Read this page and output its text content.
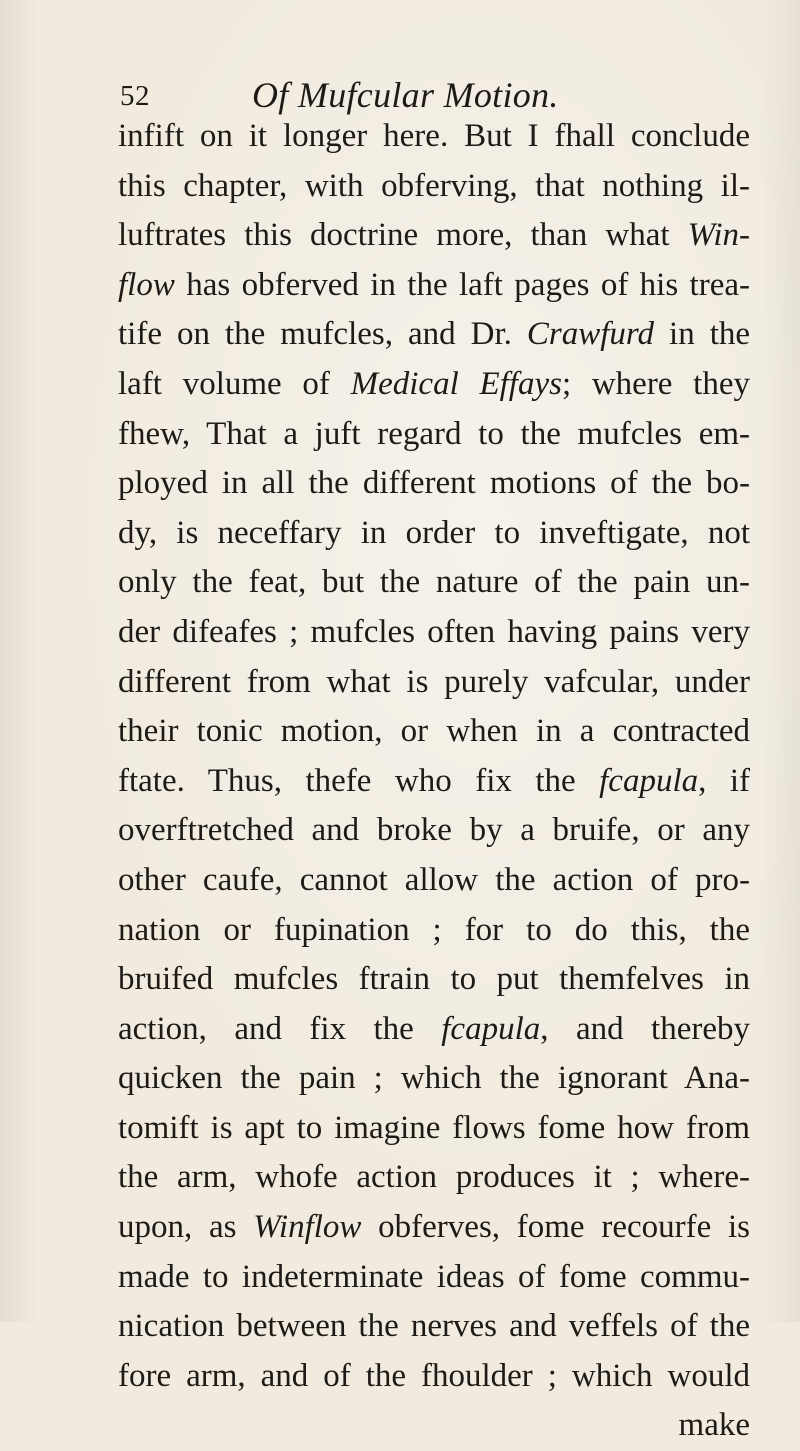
52	Of Mufcular Motion.
infift on it longer here. But I fhall conclude
this chapter, with obferving, that nothing il-
luftrates this doctrine more, than what Win-
flow has obferved in the laft pages of his trea-
tife on the mufcles, and Dr. Crawfurd in the
laft volume of Medical Effays; where they
fhew, That a juft regard to the mufcles em-
ployed in all the different motions of the bo-
dy, is neceffary in order to inveftigate, not
only the feat, but the nature of the pain un-
der difeafes ; mufcles often having pains very
different from what is purely vafcular, under
their tonic motion, or when in a contracted
ftate. Thus, thefe who fix the fcapula, if
overftretched and broke by a bruife, or any
other caufe, cannot allow the action of pro-
nation or fupination ; for to do this, the
bruifed mufcles ftrain to put themfelves in
action, and fix the fcapula, and thereby
quicken the pain ; which the ignorant Ana-
tomift is apt to imagine flows fome how from
the arm, whofe action produces it ; where-
upon, as Winflow obferves, fome recourfe is
made to indeterminate ideas of fome commu-
nication between the nerves and veffels of the
fore arm, and of the fhoulder ; which would
make
